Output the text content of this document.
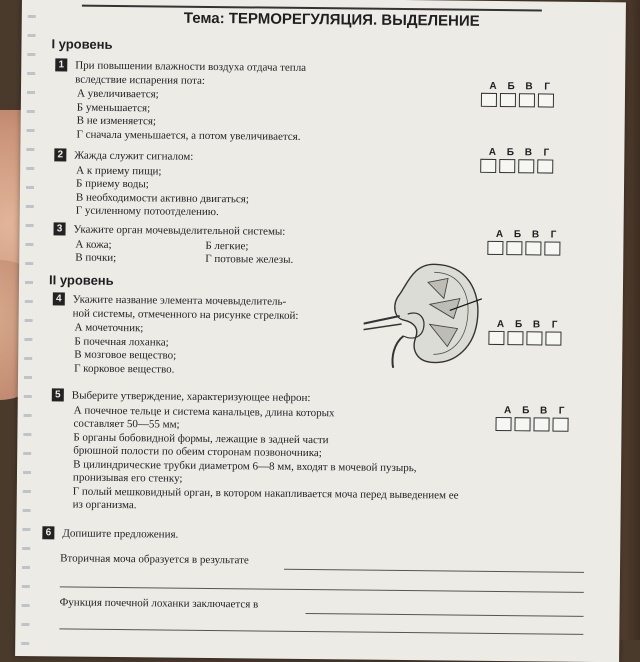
Тема: ТЕРМОРЕГУЛЯЦИЯ. ВЫДЕЛЕНИЕ
I уровень

1 При повышении влажности воздуха отдача тепла

вследствие испарения пота:

А увеличивается;
Б уменьшается;
В не изменяется;
Г сначала уменьшается, а потом увеличивается.
А Б В	Г

2 Жажда служит сигналом:

А к приему пищи;
Б приему воды;
В необходимости активно двигаться;
Г усиленному потоотделению.
А Б В	Г

3 Укажите орган мочевыделительной системы:

А кожа;	Б легкие;
В почки;	Г потовые железы.
А Б В	Г
II уровень

4 Укажите название элемента мочевыделитель-

ной системы, отмеченного на рисунке стрелкой:

А мочеточник;
Б почечная лоханка;
В мозговое вещество;
Г корковое вещество.
А Б В	Г

5 Выберите утверждение, характеризующее нефрон:

А почечное тельце и система канальцев, длина которых
составляет 50—55 мм;
Б органы бобовидной формы, лежащие в задней части
брюшной полости по обеим сторонам позвоночника;
В цилиндрические трубки диаметром 6—8 мм, входят в мочевой пузырь,
пронизывая его стенку;
Г полый мешковидный орган, в котором накапливается моча перед выведением ее
из организма.
А Б В	Г

6 Допишите предложения.

Вторичная моча образуется в результате
Функция почечной лоханки заключается в
